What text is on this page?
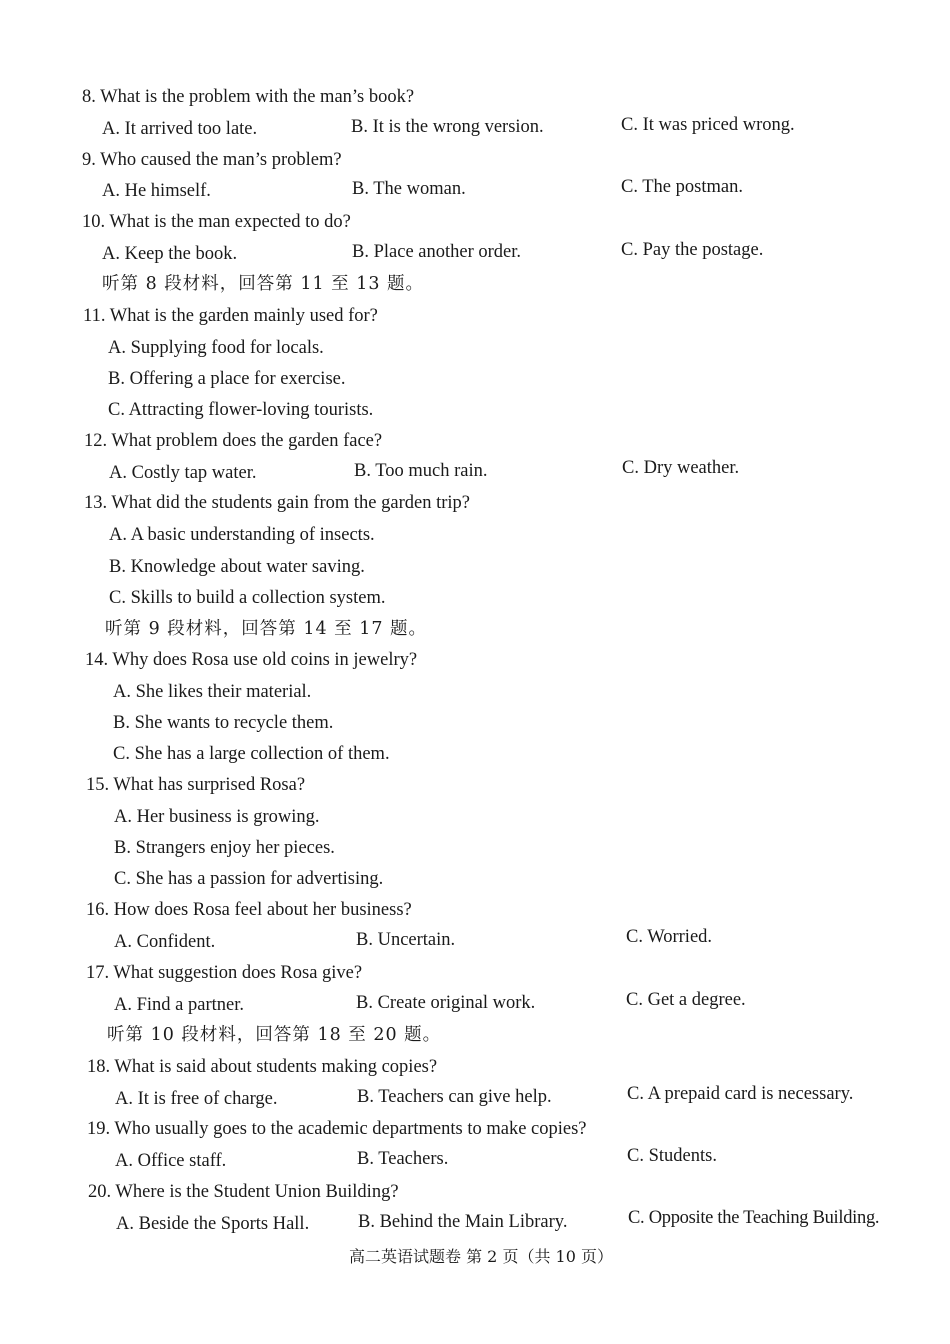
8. What is the problem with the man’s book?
A. It arrived too late.	B. It is the wrong version.	C. It was priced wrong.
9. Who caused the man’s problem?
A. He himself.	B. The woman.	C. The postman.
10. What is the man expected to do?
A. Keep the book.	B. Place another order.	C. Pay the postage.
听第 8 段材料，回答第 11 至 13 题。
11. What is the garden mainly used for?
A. Supplying food for locals.
B. Offering a place for exercise.
C. Attracting flower-loving tourists.
12. What problem does the garden face?
A. Costly tap water.	B. Too much rain.	C. Dry weather.
13. What did the students gain from the garden trip?
A. A basic understanding of insects.
B. Knowledge about water saving.
C. Skills to build a collection system.
听第 9 段材料，回答第 14 至 17 题。
14. Why does Rosa use old coins in jewelry?
A. She likes their material.
B. She wants to recycle them.
C. She has a large collection of them.
15. What has surprised Rosa?
A. Her business is growing.
B. Strangers enjoy her pieces.
C. She has a passion for advertising.
16. How does Rosa feel about her business?
A. Confident.	B. Uncertain.	C. Worried.
17. What suggestion does Rosa give?
A. Find a partner.	B. Create original work.	C. Get a degree.
听第 10 段材料，回答第 18 至 20 题。
18. What is said about students making copies?
A. It is free of charge.	B. Teachers can give help.	C. A prepaid card is necessary.
19. Who usually goes to the academic departments to make copies?
A. Office staff.	B. Teachers.	C. Students.
20. Where is the Student Union Building?
A. Beside the Sports Hall.	B. Behind the Main Library.	C. Opposite the Teaching Building.
高二英语试题卷 第 2 页（共 10 页）
